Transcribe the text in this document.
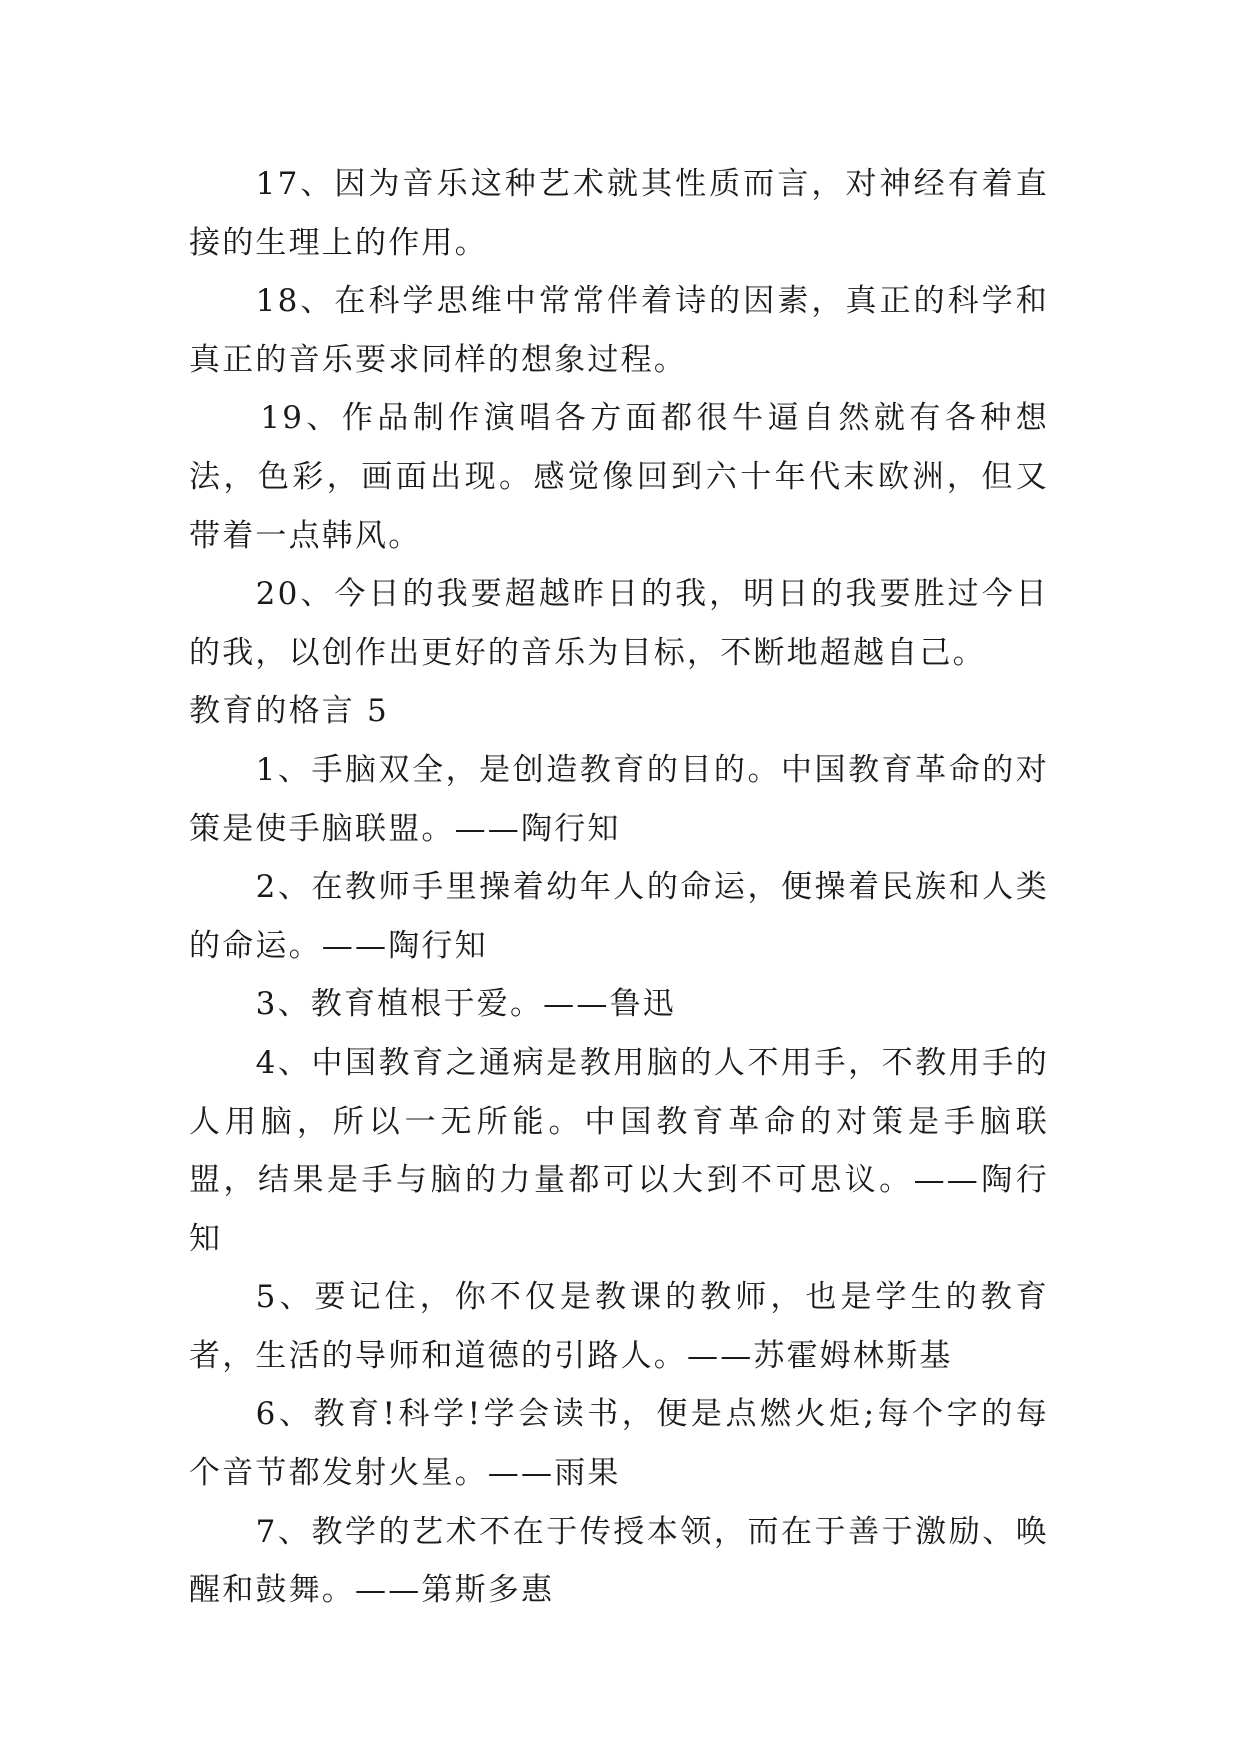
17、因为音乐这种艺术就其性质而言，对神经有着直接的生理上的作用。

18、在科学思维中常常伴着诗的因素，真正的科学和真正的音乐要求同样的想象过程。

19、作品制作演唱各方面都很牛逼自然就有各种想法，色彩，画面出现。感觉像回到六十年代末欧洲，但又带着一点韩风。

20、今日的我要超越昨日的我，明日的我要胜过今日的我，以创作出更好的音乐为目标，不断地超越自己。

教育的格言 5

1、手脑双全，是创造教育的目的。中国教育革命的对策是使手脑联盟。——陶行知

2、在教师手里操着幼年人的命运，便操着民族和人类的命运。——陶行知

3、教育植根于爱。——鲁迅

4、中国教育之通病是教用脑的人不用手，不教用手的人用脑，所以一无所能。中国教育革命的对策是手脑联盟，结果是手与脑的力量都可以大到不可思议。——陶行知

5、要记住，你不仅是教课的教师，也是学生的教育者，生活的导师和道德的引路人。——苏霍姆林斯基

6、教育!科学!学会读书，便是点燃火炬;每个字的每个音节都发射火星。——雨果

7、教学的艺术不在于传授本领，而在于善于激励、唤醒和鼓舞。——第斯多惠
